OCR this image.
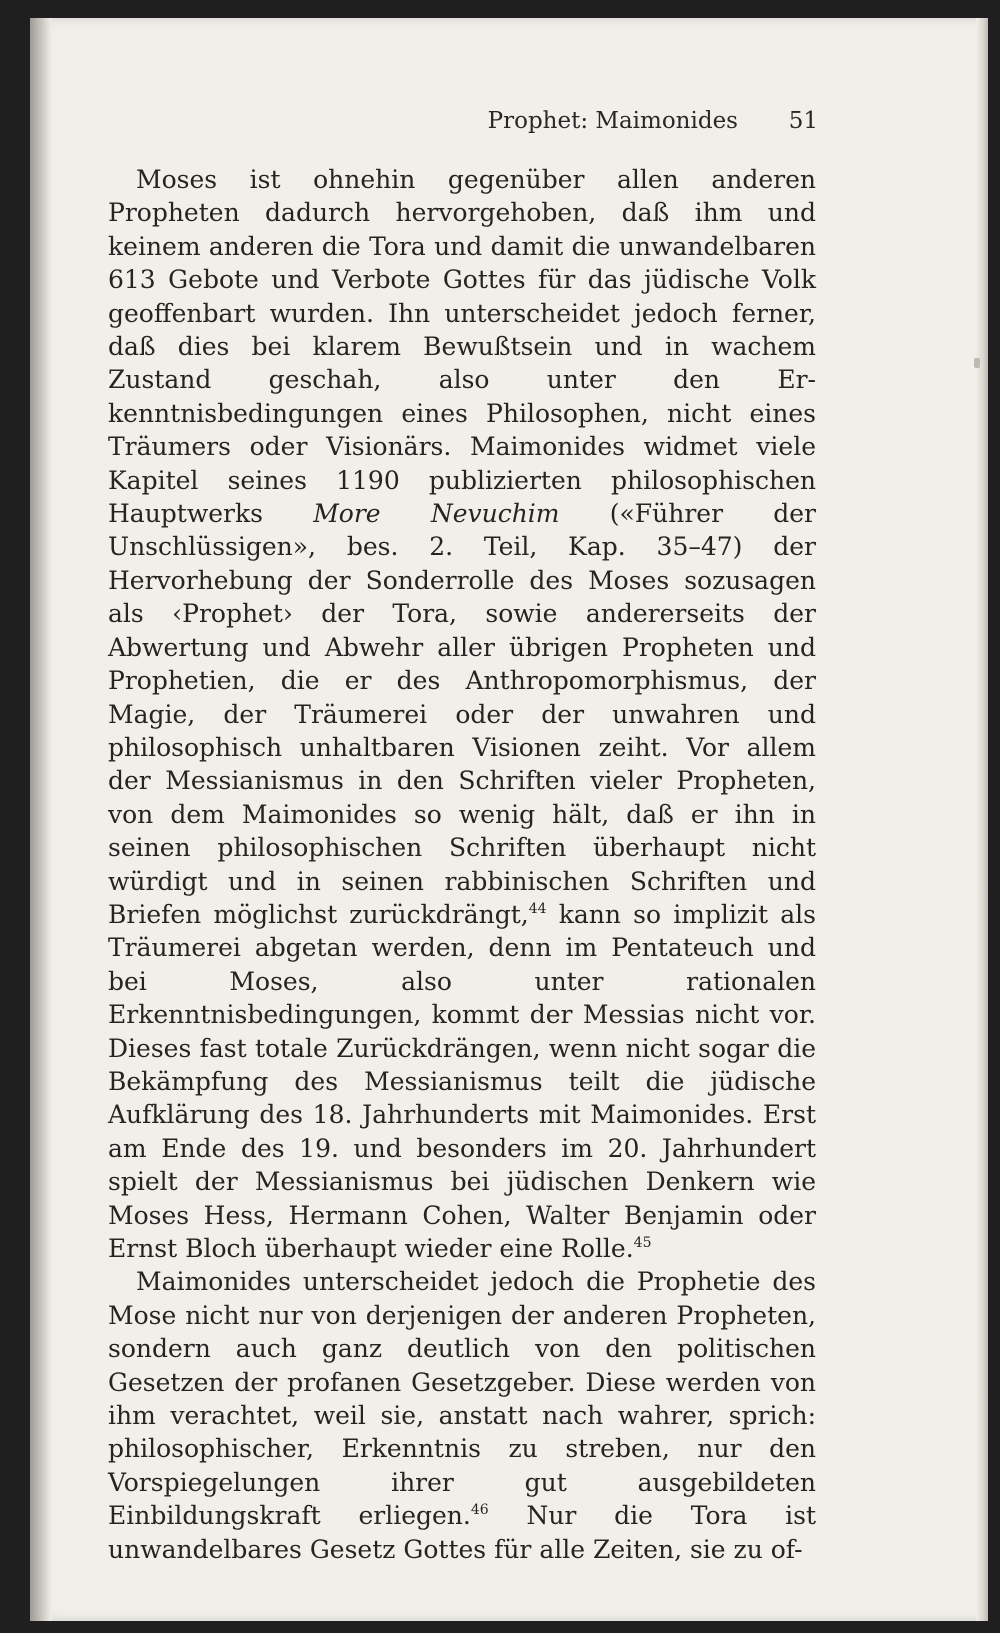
Prophet: Maimonides 51

Moses ist ohnehin gegenüber allen anderen Propheten dadurch hervorgehoben, daß ihm und keinem anderen die Tora und damit die unwandelbaren 613 Gebote und Verbote Gottes für das jüdische Volk geoffenbart wurden. Ihn unterscheidet jedoch ferner, daß dies bei klarem Bewußtsein und in wachem Zustand geschah, also unter den Erkenntnisbedingungen eines Philosophen, nicht eines Träumers oder Visionärs. Maimonides widmet viele Kapitel seines 1190 publizierten philosophischen Hauptwerks More Nevuchim («Führer der Unschlüssigen», bes. 2. Teil, Kap. 35–47) der Hervorhebung der Sonderrolle des Moses sozusagen als ‹Prophet› der Tora, sowie andererseits der Abwertung und Abwehr aller übrigen Propheten und Prophetien, die er des Anthropomorphismus, der Magie, der Träumerei oder der unwahren und philosophisch unhaltbaren Visionen zeiht. Vor allem der Messianismus in den Schriften vieler Propheten, von dem Maimonides so wenig hält, daß er ihn in seinen philosophischen Schriften überhaupt nicht würdigt und in seinen rabbinischen Schriften und Briefen möglichst zurückdrängt,$^{44}$ kann so implizit als Träumerei abgetan werden, denn im Pentateuch und bei Moses, also unter rationalen Erkenntnisbedingungen, kommt der Messias nicht vor. Dieses fast totale Zurückdrängen, wenn nicht sogar die Bekämpfung des Messianismus teilt die jüdische Aufklärung des 18. Jahrhunderts mit Maimonides. Erst am Ende des 19. und besonders im 20. Jahrhundert spielt der Messianismus bei jüdischen Denkern wie Moses Hess, Hermann Cohen, Walter Benjamin oder Ernst Bloch überhaupt wieder eine Rolle.$^{45}$

Maimonides unterscheidet jedoch die Prophetie des Mose nicht nur von derjenigen der anderen Propheten, sondern auch ganz deutlich von den politischen Gesetzen der profanen Gesetzgeber. Diese werden von ihm verachtet, weil sie, anstatt nach wahrer, sprich: philosophischer, Erkenntnis zu streben, nur den Vorspiegelungen ihrer gut ausgebildeten Einbildungskraft erliegen.$^{46}$ Nur die Tora ist unwandelbares Gesetz Gottes für alle Zeiten, sie zu of-
